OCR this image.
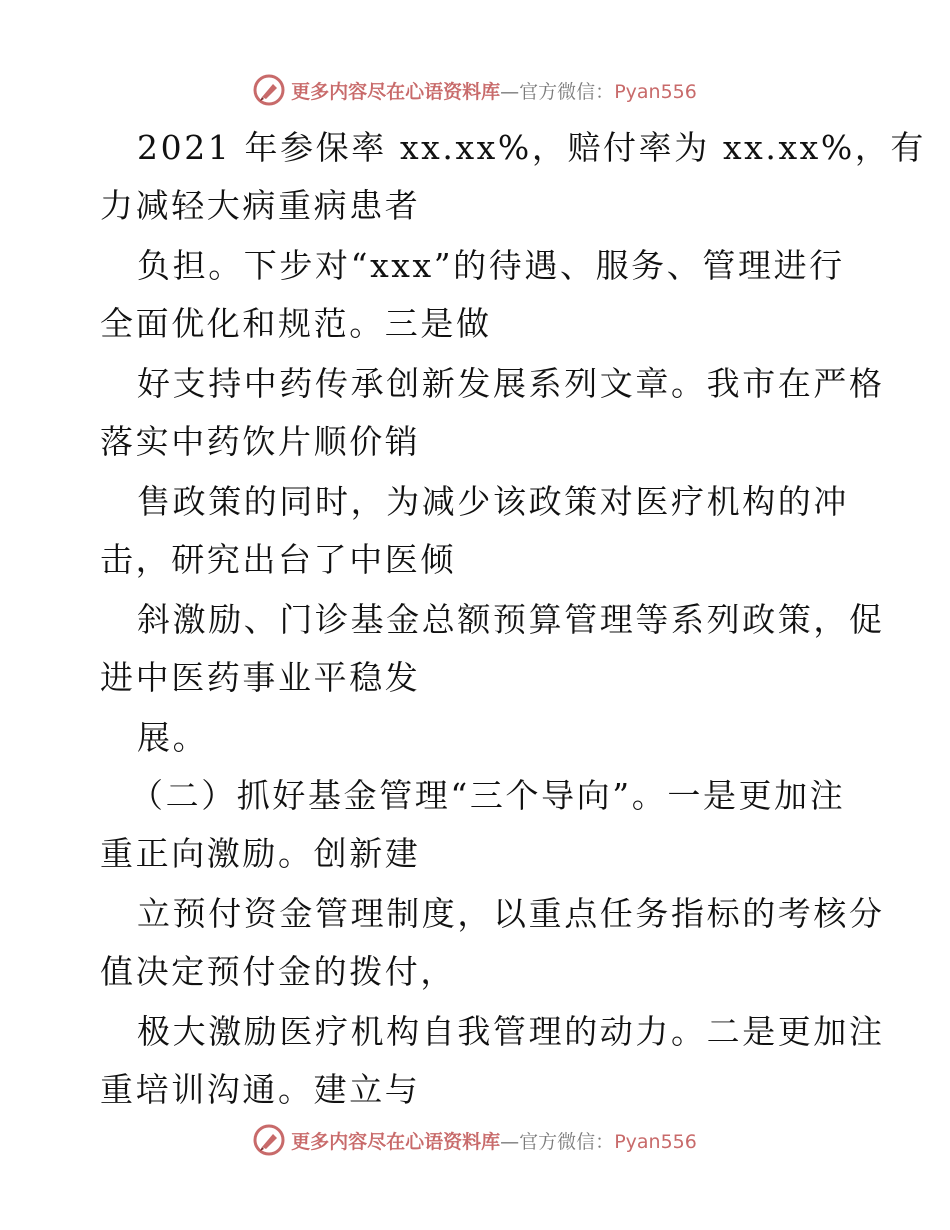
更多内容尽在心语资料库—官方微信：Pyan556
2021 年参保率 xx.xx%，赔付率为 xx.xx%，有
力减轻大病重病患者
负担。下步对“xxx”的待遇、服务、管理进行
全面优化和规范。三是做
好支持中药传承创新发展系列文章。我市在严格
落实中药饮片顺价销
售政策的同时，为减少该政策对医疗机构的冲
击，研究出台了中医倾
斜激励、门诊基金总额预算管理等系列政策，促
进中医药事业平稳发
展。
（二）抓好基金管理“三个导向”。一是更加注
重正向激励。创新建
立预付资金管理制度，以重点任务指标的考核分
值决定预付金的拨付，
极大激励医疗机构自我管理的动力。二是更加注
重培训沟通。建立与
更多内容尽在心语资料库—官方微信：Pyan556
